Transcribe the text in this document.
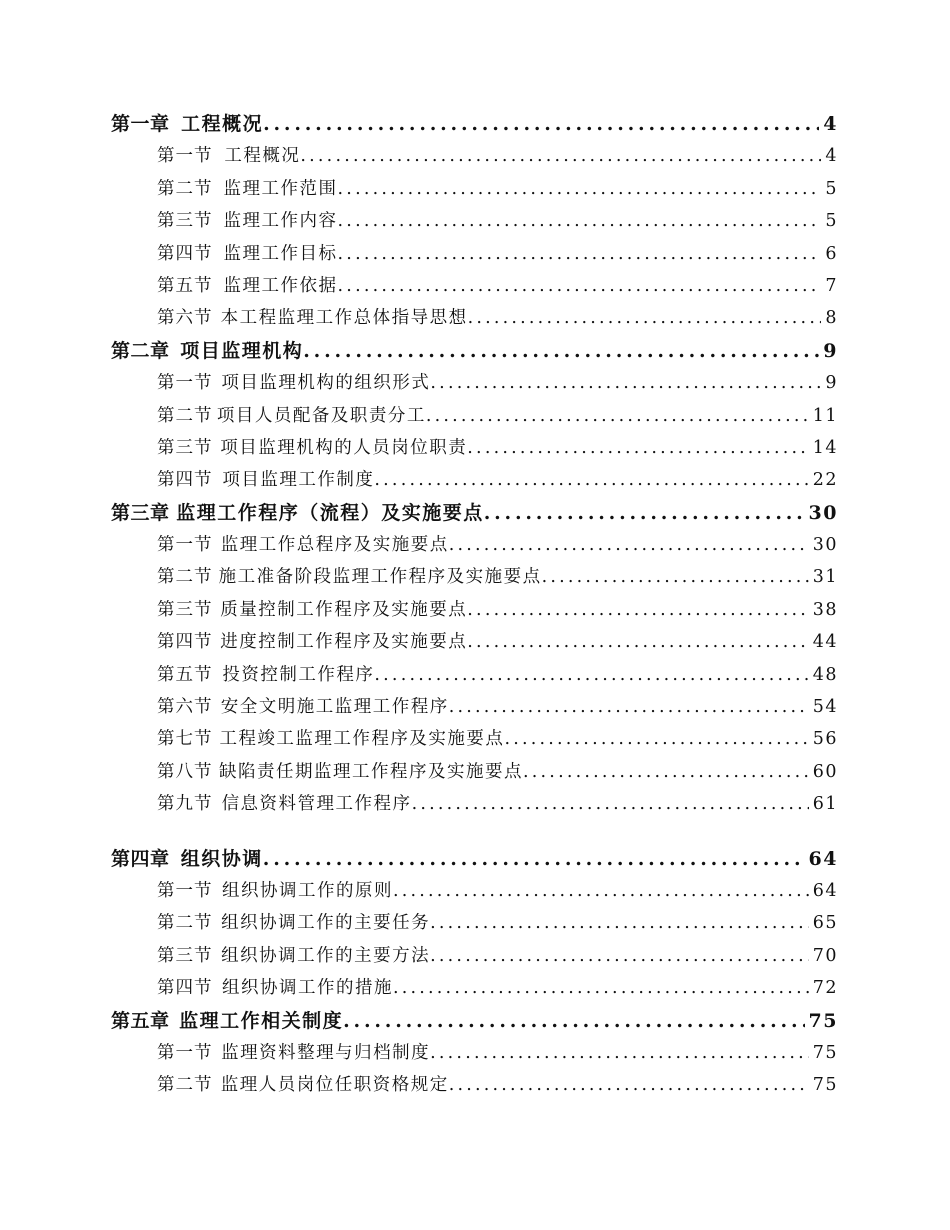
第一章 工程概况 .....	4
第一节 工程概况 .....	4
第二节 监理工作范围 .....	5
第三节 监理工作内容 .....	5
第四节 监理工作目标 .....	6
第五节 监理工作依据 .....	7
第六节 本工程监理工作总体指导思想 .....	8
第二章 项目监理机构 .....	9
第一节 项目监理机构的组织形式 .....	9
第二节 项目人员配备及职责分工 .....	11
第三节 项目监理机构的人员岗位职责 .....	14
第四节 项目监理工作制度 .....	22
第三章 监理工作程序（流程）及实施要点 .....	30
第一节 监理工作总程序及实施要点 .....	30
第二节 施工准备阶段监理工作程序及实施要点 .....	31
第三节 质量控制工作程序及实施要点 .....	38
第四节 进度控制工作程序及实施要点 .....	44
第五节 投资控制工作程序 .....	48
第六节 安全文明施工监理工作程序 .....	54
第七节 工程竣工监理工作程序及实施要点 .....	56
第八节 缺陷责任期监理工作程序及实施要点 .....	60
第九节 信息资料管理工作程序 .....	61
第四章 组织协调 .....	64
第一节 组织协调工作的原则 .....	64
第二节 组织协调工作的主要任务 .....	65
第三节 组织协调工作的主要方法 .....	70
第四节 组织协调工作的措施 .....	72
第五章 监理工作相关制度 .....	75
第一节 监理资料整理与归档制度 .....	75
第二节 监理人员岗位任职资格规定 .....	75
